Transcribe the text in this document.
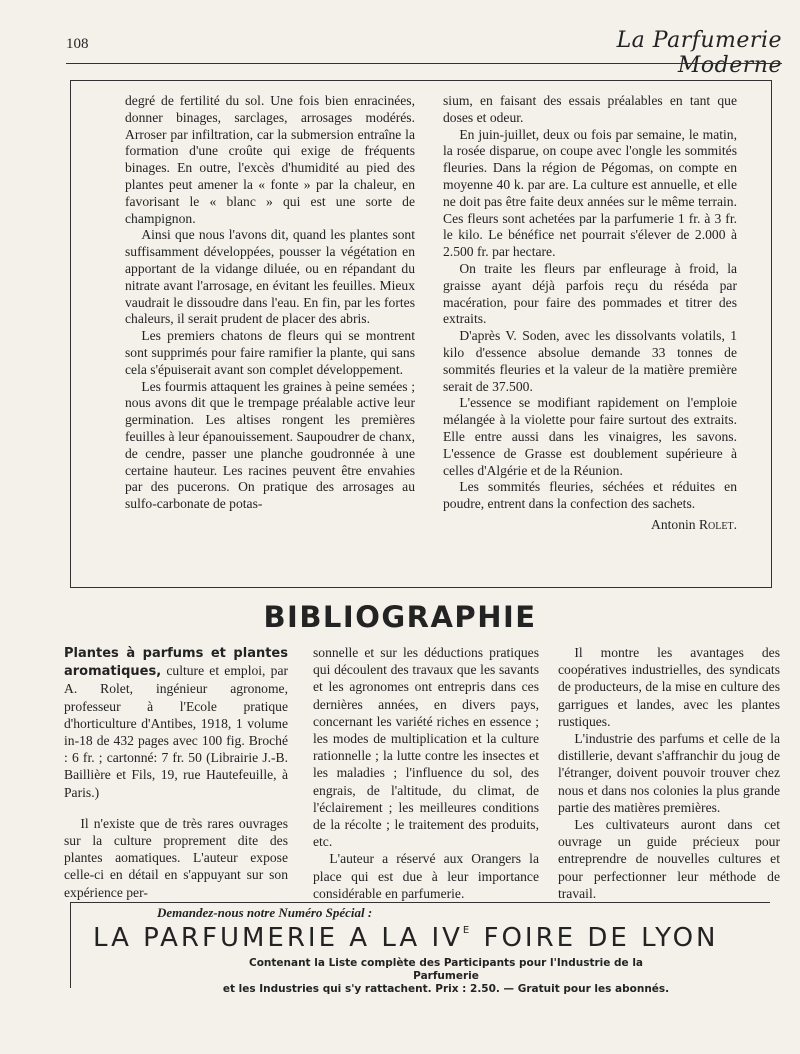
108	La Parfumerie Moderne

degré de fertilité du sol. Une fois bien enracinées, donner binages, sarclages, arrosages modérés. Arroser par infiltration, car la submersion entraîne la formation d'une croûte qui exige de fréquents binages. En outre, l'excès d'humidité au pied des plantes peut amener la « fonte » par la chaleur, en favorisant le « blanc » qui est une sorte de champignon.

Ainsi que nous l'avons dit, quand les plantes sont suffisamment développées, pousser la végétation en apportant de la vidange diluée, ou en répandant du nitrate avant l'arrosage, en évitant les feuilles. Mieux vaudrait le dissoudre dans l'eau. En fin, par les fortes chaleurs, il serait prudent de placer des abris.

Les premiers chatons de fleurs qui se montrent sont supprimés pour faire ramifier la plante, qui sans cela s'épuiserait avant son complet développement.

Les fourmis attaquent les graines à peine semées ; nous avons dit que le trempage préalable active leur germination. Les altises rongent les premières feuilles à leur épanouissement. Saupoudrer de chanx, de cendre, passer une planche goudronnée à une certaine hauteur. Les racines peuvent être envahies par des pucerons. On pratique des arrosages au sulfo-carbonate de potas-

sium, en faisant des essais préalables en tant que doses et odeur.

En juin-juillet, deux ou fois par semaine, le matin, la rosée disparue, on coupe avec l'ongle les sommités fleuries. Dans la région de Pégomas, on compte en moyenne 40 k. par are. La culture est annuelle, et elle ne doit pas être faite deux années sur le même terrain. Ces fleurs sont achetées par la parfumerie 1 fr. à 3 fr. le kilo. Le bénéfice net pourrait s'élever de 2.000 à 2.500 fr. par hectare.

On traite les fleurs par enfleurage à froid, la graisse ayant déjà parfois reçu du réséda par macération, pour faire des pommades et titrer des extraits.

D'après V. Soden, avec les dissolvants volatils, 1 kilo d'essence absolue demande 33 tonnes de sommités fleuries et la valeur de la matière première serait de 37.500.

L'essence se modifiant rapidement on l'emploie mélangée à la violette pour faire surtout des extraits. Elle entre aussi dans les vinaigres, les savons. L'essence de Grasse est doublement supérieure à celles d'Algérie et de la Réunion.

Les sommités fleuries, séchées et réduites en poudre, entrent dans la confection des sachets.

Antonin Rolet.
BIBLIOGRAPHIE

Plantes à parfums et plantes aromatiques, culture et emploi, par A. Rolet, ingénieur agronome, professeur à l'Ecole pratique d'horticulture d'Antibes, 1918, 1 volume in-18 de 432 pages avec 100 fig. Broché : 6 fr. ; cartonné: 7 fr. 50 (Librairie J.-B. Baillière et Fils, 19, rue Hautefeuille, à Paris.)

Il n'existe que de très rares ouvrages sur la culture proprement dite des plantes aomatiques. L'auteur expose celle-ci en détail en s'appuyant sur son expérience per-

sonnelle et sur les déductions pratiques qui découlent des travaux que les savants et les agronomes ont entrepris dans ces dernières années, en divers pays, concernant les variété riches en essence ; les modes de multiplication et la culture rationnelle ; la lutte contre les insectes et les maladies ; l'influence du sol, des engrais, de l'altitude, du climat, de l'éclairement ; les meilleures conditions de la récolte ; le traitement des produits, etc.

L'auteur a réservé aux Orangers la place qui est due à leur importance considérable en parfumerie.

Il montre les avantages des coopératives industrielles, des syndicats de producteurs, de la mise en culture des garrigues et landes, avec les plantes rustiques.

L'industrie des parfums et celle de la distillerie, devant s'affranchir du joug de l'étranger, doivent pouvoir trouver chez nous et dans nos colonies la plus grande partie des matières premières.

Les cultivateurs auront dans cet ouvrage un guide précieux pour entreprendre de nouvelles cultures et pour perfectionner leur méthode de travail.

Demandez-nous notre Numéro Spécial :
LA PARFUMERIE A LA $IV^E$ FOIRE DE LYON
Contenant la Liste complète des Participants pour l'Industrie de la Parfumerie
et les Industries qui s'y rattachent. Prix : 2.50. — Gratuit pour les abonnés.
